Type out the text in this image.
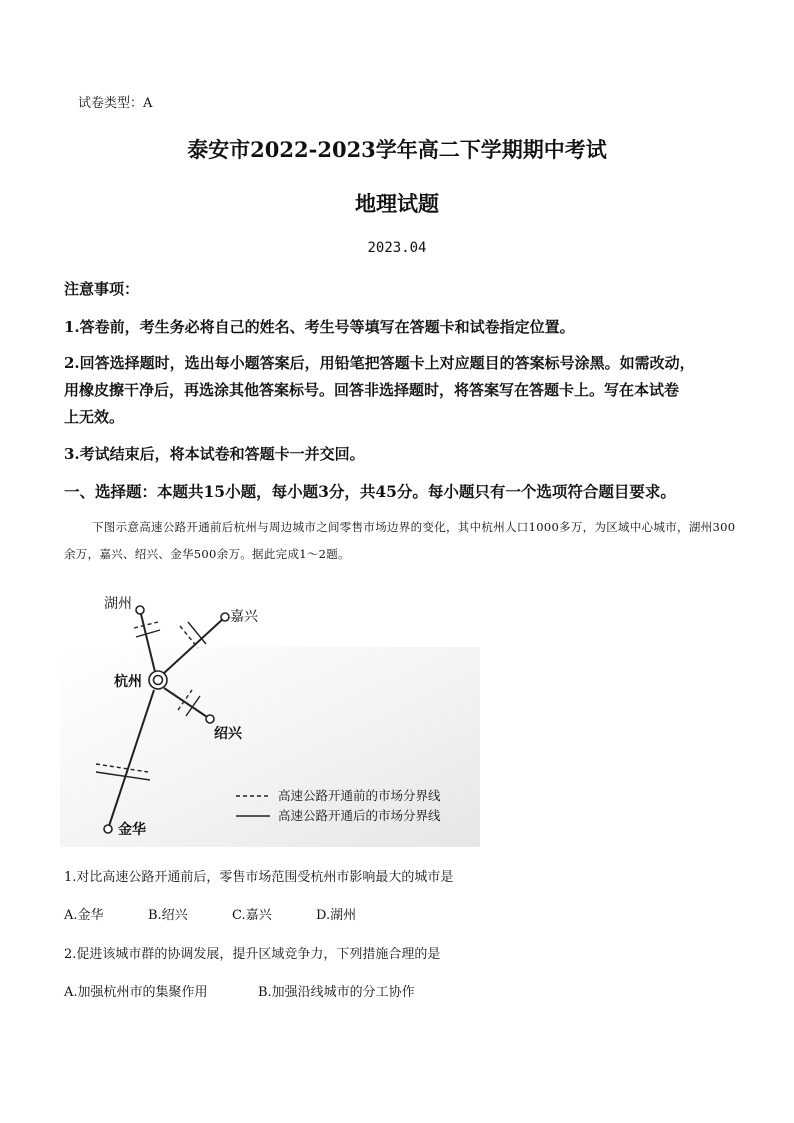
试卷类型：A
泰安市2022-2023学年高二下学期期中考试
地理试题
2023.04
注意事项：
1.答卷前，考生务必将自己的姓名、考生号等填写在答题卡和试卷指定位置。
2.回答选择题时，选出每小题答案后，用铅笔把答题卡上对应题目的答案标号涂黑。如需改动，
用橡皮擦干净后，再选涂其他答案标号。回答非选择题时，将答案写在答题卡上。写在本试卷
上无效。
3.考试结束后，将本试卷和答题卡一并交回。
一、选择题：本题共15小题，每小题3分，共45分。每小题只有一个选项符合题目要求。
下图示意高速公路开通前后杭州与周边城市之间零售市场边界的变化，其中杭州人口1000多万，为区域中心城市，湖州300余万，嘉兴、绍兴、金华500余万。据此完成1～2题。
湖州
嘉兴
杭州
绍兴
金华
高速公路开通前的市场分界线
高速公路开通后的市场分界线
1.对比高速公路开通前后，零售市场范围受杭州市影响最大的城市是
A.金华	B.绍兴	C.嘉兴	D.湖州
2.促进该城市群的协调发展，提升区域竞争力，下列措施合理的是
A.加强杭州市的集聚作用	B.加强沿线城市的分工协作
